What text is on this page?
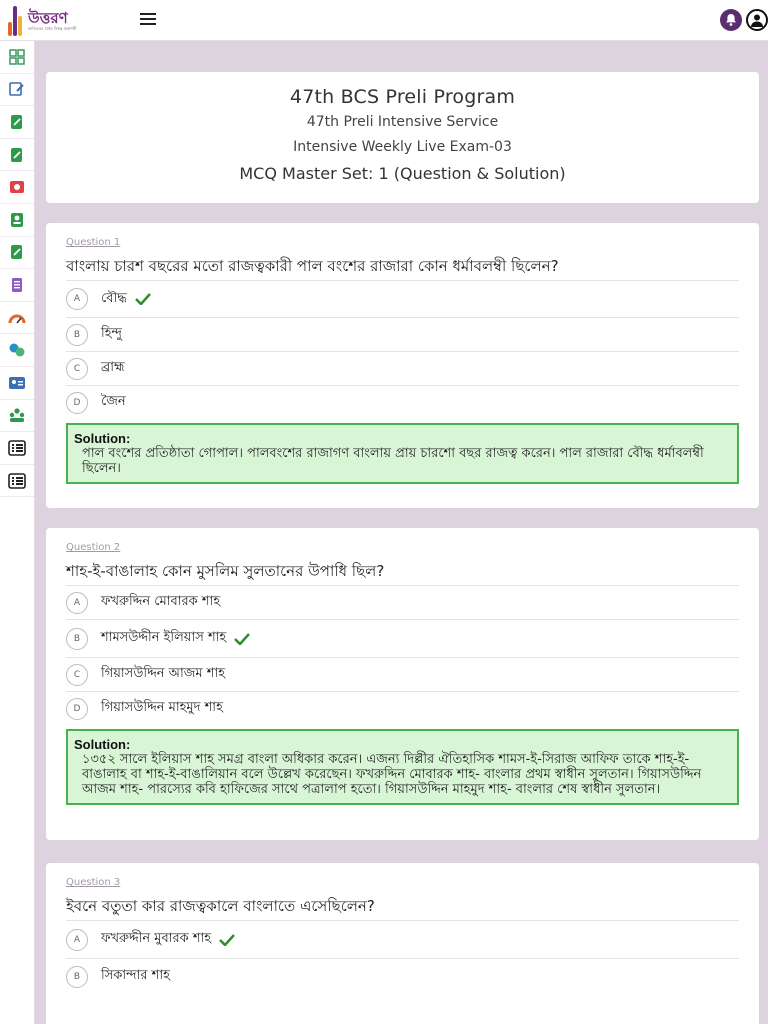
উত্তরণ
কাজিতের প্রথম বিশ্বস্ত প্রকাশনী
47th BCS Preli Program
47th Preli Intensive Service
Intensive Weekly Live Exam-03
MCQ Master Set: 1 (Question & Solution)
Question 1
বাংলায় চারশ বছরের মতো রাজত্বকারী পাল বংশের রাজারা কোন ধর্মাবলম্বী ছিলেন?
A	বৌদ্ধ
B	হিন্দু
C	ব্রাহ্ম
D	জৈন
Solution:
পাল বংশের প্রতিষ্ঠাতা গোপাল। পালবংশের রাজাগণ বাংলায় প্রায় চারশো বছর রাজত্ব করেন। পাল রাজারা বৌদ্ধ ধর্মাবলম্বী ছিলেন।
Question 2
শাহ-ই-বাঙালাহ কোন মুসলিম সুলতানের উপাধি ছিল?
A	ফখরুদ্দিন মোবারক শাহ
B	শামসউদ্দীন ইলিয়াস শাহ
C	গিয়াসউদ্দিন আজম শাহ
D	গিয়াসউদ্দিন মাহমুদ শাহ
Solution:
১৩৫২ সালে ইলিয়াস শাহ সমগ্র বাংলা অধিকার করেন। এজন্য দিল্লীর ঐতিহাসিক শামস-ই-সিরাজ আফিফ তাকে শাহ-ই-বাঙালাহ বা শাহ-ই-বাঙালিয়ান বলে উল্লেখ করেছেন। ফখরুদ্দিন মোবারক শাহ- বাংলার প্রথম স্বাধীন সুলতান। গিয়াসউদ্দিন আজম শাহ- পারস্যের কবি হাফিজের সাথে পত্রালাপ হতো। গিয়াসউদ্দিন মাহমুদ শাহ- বাংলার শেষ স্বাধীন সুলতান।
Question 3
ইবনে বতুতা কার রাজত্বকালে বাংলাতে এসেছিলেন?
A	ফখরুদ্দীন মুবারক শাহ
B	সিকান্দার শাহ
